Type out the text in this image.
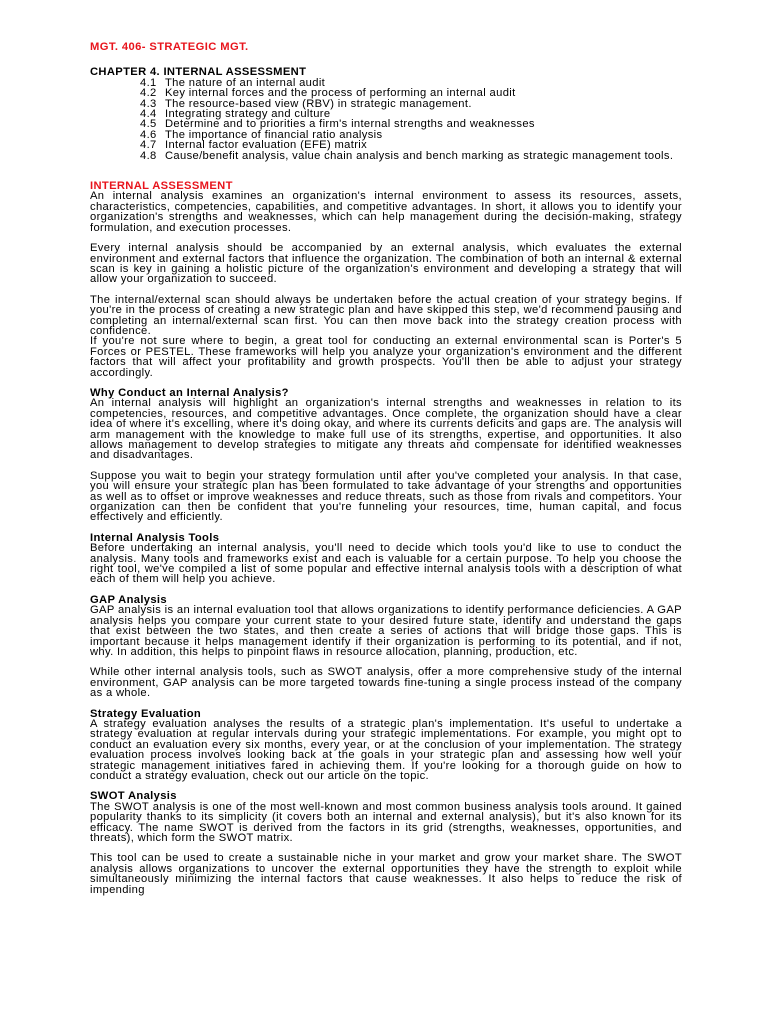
MGT. 406- STRATEGIC MGT.
CHAPTER 4. INTERNAL ASSESSMENT
4.1 The nature of an internal audit
4.2 Key internal forces and the process of performing an internal audit
4.3 The resource-based view (RBV) in strategic management.
4.4 Integrating strategy and culture
4.5 Determine and to priorities a firm's internal strengths and weaknesses
4.6 The importance of financial ratio analysis
4.7 Internal factor evaluation (EFE) matrix
4.8 Cause/benefit analysis, value chain analysis and bench marking as strategic management tools.
INTERNAL ASSESSMENT

An internal analysis examines an organization's internal environment to assess its resources, assets, characteristics, competencies, capabilities, and competitive advantages. In short, it allows you to identify your organization's strengths and weaknesses, which can help management during the decision-making, strategy formulation, and execution processes.

Every internal analysis should be accompanied by an external analysis, which evaluates the external environment and external factors that influence the organization. The combination of both an internal & external scan is key in gaining a holistic picture of the organization's environment and developing a strategy that will allow your organization to succeed.

The internal/external scan should always be undertaken before the actual creation of your strategy begins. If you're in the process of creating a new strategic plan and have skipped this step, we'd recommend pausing and completing an internal/external scan first. You can then move back into the strategy creation process with confidence.

If you're not sure where to begin, a great tool for conducting an external environmental scan is Porter's 5 Forces or PESTEL. These frameworks will help you analyze your organization's environment and the different factors that will affect your profitability and growth prospects. You'll then be able to adjust your strategy accordingly.

Why Conduct an Internal Analysis?

An internal analysis will highlight an organization's internal strengths and weaknesses in relation to its competencies, resources, and competitive advantages. Once complete, the organization should have a clear idea of where it's excelling, where it's doing okay, and where its currents deficits and gaps are. The analysis will arm management with the knowledge to make full use of its strengths, expertise, and opportunities. It also allows management to develop strategies to mitigate any threats and compensate for identified weaknesses and disadvantages.

Suppose you wait to begin your strategy formulation until after you've completed your analysis. In that case, you will ensure your strategic plan has been formulated to take advantage of your strengths and opportunities as well as to offset or improve weaknesses and reduce threats, such as those from rivals and competitors. Your organization can then be confident that you're funneling your resources, time, human capital, and focus effectively and efficiently.

Internal Analysis Tools

Before undertaking an internal analysis, you'll need to decide which tools you'd like to use to conduct the analysis. Many tools and frameworks exist and each is valuable for a certain purpose. To help you choose the right tool, we've compiled a list of some popular and effective internal analysis tools with a description of what each of them will help you achieve.

GAP Analysis

GAP analysis is an internal evaluation tool that allows organizations to identify performance deficiencies. A GAP analysis helps you compare your current state to your desired future state, identify and understand the gaps that exist between the two states, and then create a series of actions that will bridge those gaps. This is important because it helps management identify if their organization is performing to its potential, and if not, why. In addition, this helps to pinpoint flaws in resource allocation, planning, production, etc.

While other internal analysis tools, such as SWOT analysis, offer a more comprehensive study of the internal environment, GAP analysis can be more targeted towards fine-tuning a single process instead of the company as a whole.

Strategy Evaluation

A strategy evaluation analyses the results of a strategic plan's implementation. It's useful to undertake a strategy evaluation at regular intervals during your strategic implementations. For example, you might opt to conduct an evaluation every six months, every year, or at the conclusion of your implementation. The strategy evaluation process involves looking back at the goals in your strategic plan and assessing how well your strategic management initiatives fared in achieving them. If you're looking for a thorough guide on how to conduct a strategy evaluation, check out our article on the topic.

SWOT Analysis

The SWOT analysis is one of the most well-known and most common business analysis tools around. It gained popularity thanks to its simplicity (it covers both an internal and external analysis), but it's also known for its efficacy. The name SWOT is derived from the factors in its grid (strengths, weaknesses, opportunities, and threats), which form the SWOT matrix.

This tool can be used to create a sustainable niche in your market and grow your market share. The SWOT analysis allows organizations to uncover the external opportunities they have the strength to exploit while simultaneously minimizing the internal factors that cause weaknesses. It also helps to reduce the risk of impending
